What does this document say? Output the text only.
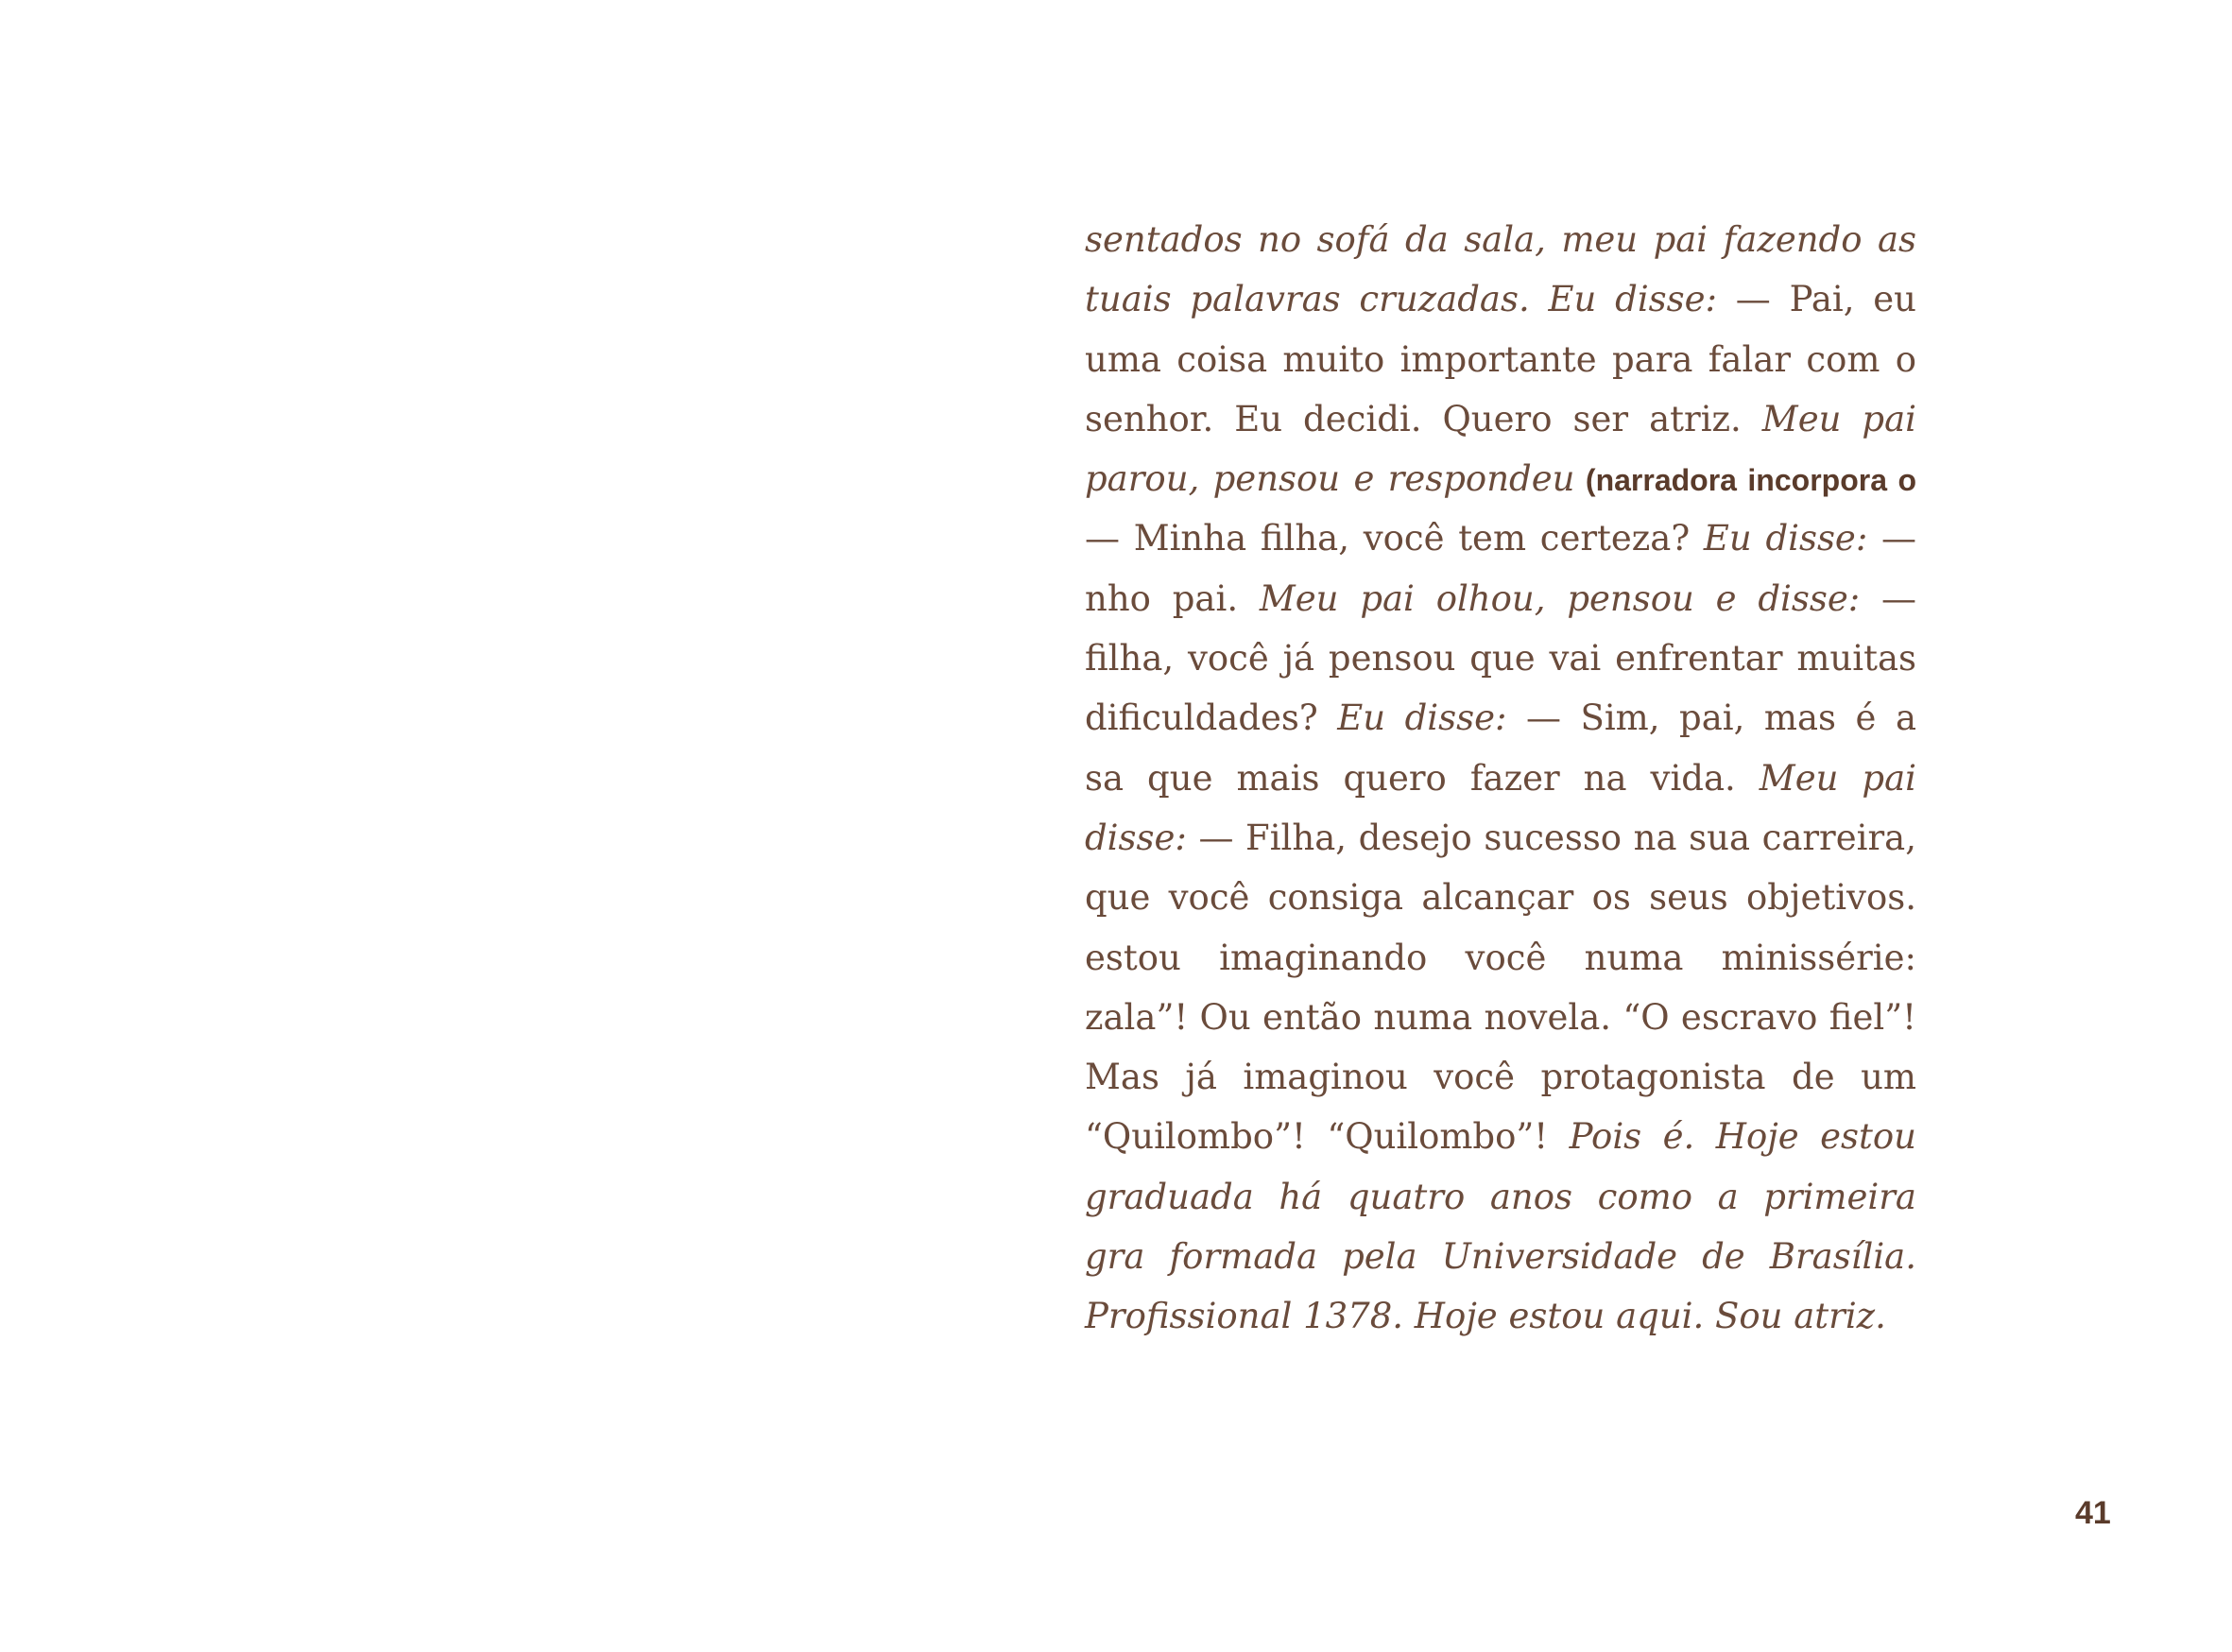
sentados no sofá da sala, meu pai fazendo as
tuais palavras cruzadas. Eu disse: — Pai, eu
uma coisa muito importante para falar com o
senhor. Eu decidi. Quero ser atriz. Meu pai
parou, pensou e respondeu (narradora incorpora o
— Minha filha, você tem certeza? Eu disse: —
nho pai. Meu pai olhou, pensou e disse: —
filha, você já pensou que vai enfrentar muitas
dificuldades? Eu disse: — Sim, pai, mas é a
sa que mais quero fazer na vida. Meu pai
disse: — Filha, desejo sucesso na sua carreira,
que você consiga alcançar os seus objetivos.
estou imaginando você numa minissérie:
zala”! Ou então numa novela. “O escravo fiel”!
Mas já imaginou você protagonista de um
“Quilombo”! “Quilombo”! Pois é. Hoje estou
graduada há quatro anos como a primeira
gra formada pela Universidade de Brasília.
Profissional 1378. Hoje estou aqui. Sou atriz.
41
